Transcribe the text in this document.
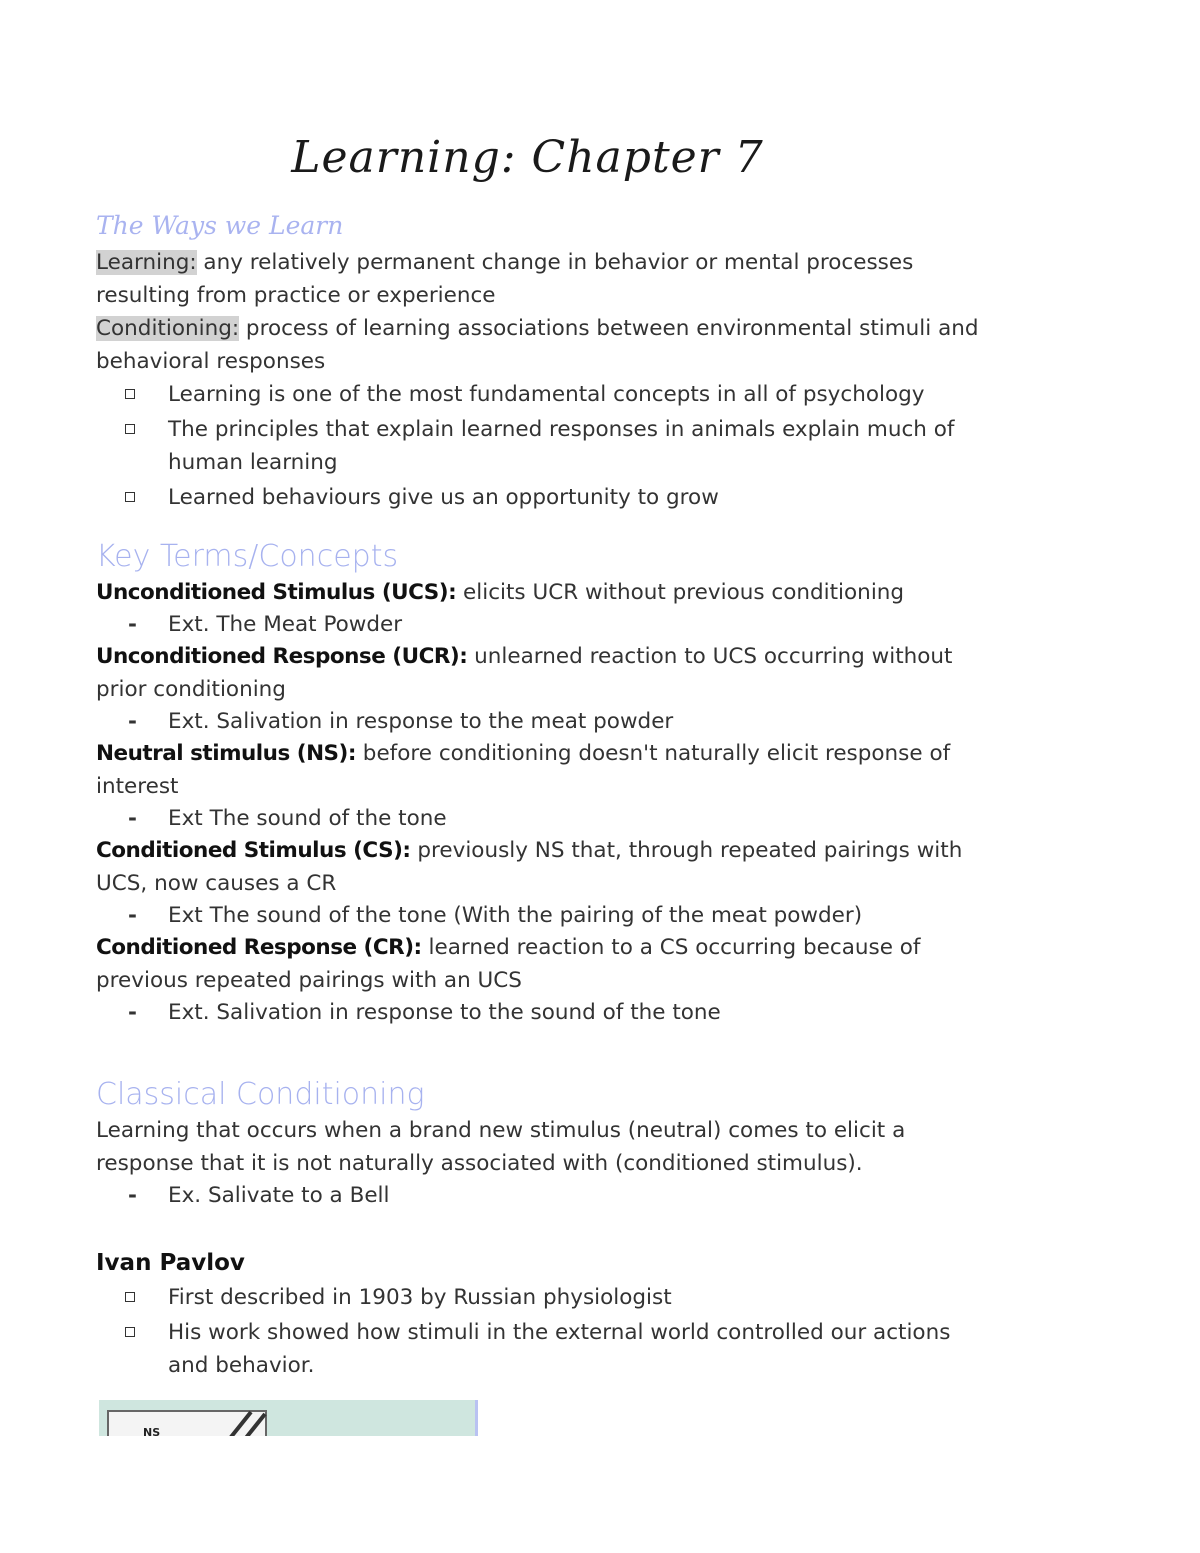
Learning: Chapter 7
The Ways we Learn
Learning: any relatively permanent change in behavior or mental processes
resulting from practice or experience
Conditioning: process of learning associations between environmental stimuli and
behavioral responses
Learning is one of the most fundamental concepts in all of psychology
The principles that explain learned responses in animals explain much of human learning
Learned behaviours give us an opportunity to grow
Key Terms/Concepts
Unconditioned Stimulus (UCS): elicits UCR without previous conditioning
- Ext. The Meat Powder
Unconditioned Response (UCR): unlearned reaction to UCS occurring without prior conditioning
- Ext. Salivation in response to the meat powder
Neutral stimulus (NS): before conditioning doesn't naturally elicit response of interest
- Ext The sound of the tone
Conditioned Stimulus (CS): previously NS that, through repeated pairings with UCS, now causes a CR
- Ext The sound of the tone (With the pairing of the meat powder)
Conditioned Response (CR): learned reaction to a CS occurring because of previous repeated pairings with an UCS
- Ext. Salivation in response to the sound of the tone
Classical Conditioning
Learning that occurs when a brand new stimulus (neutral) comes to elicit a response that it is not naturally associated with (conditioned stimulus).
- Ex. Salivate to a Bell
Ivan Pavlov
First described in 1903 by Russian physiologist
His work showed how stimuli in the external world controlled our actions and behavior.
NS
